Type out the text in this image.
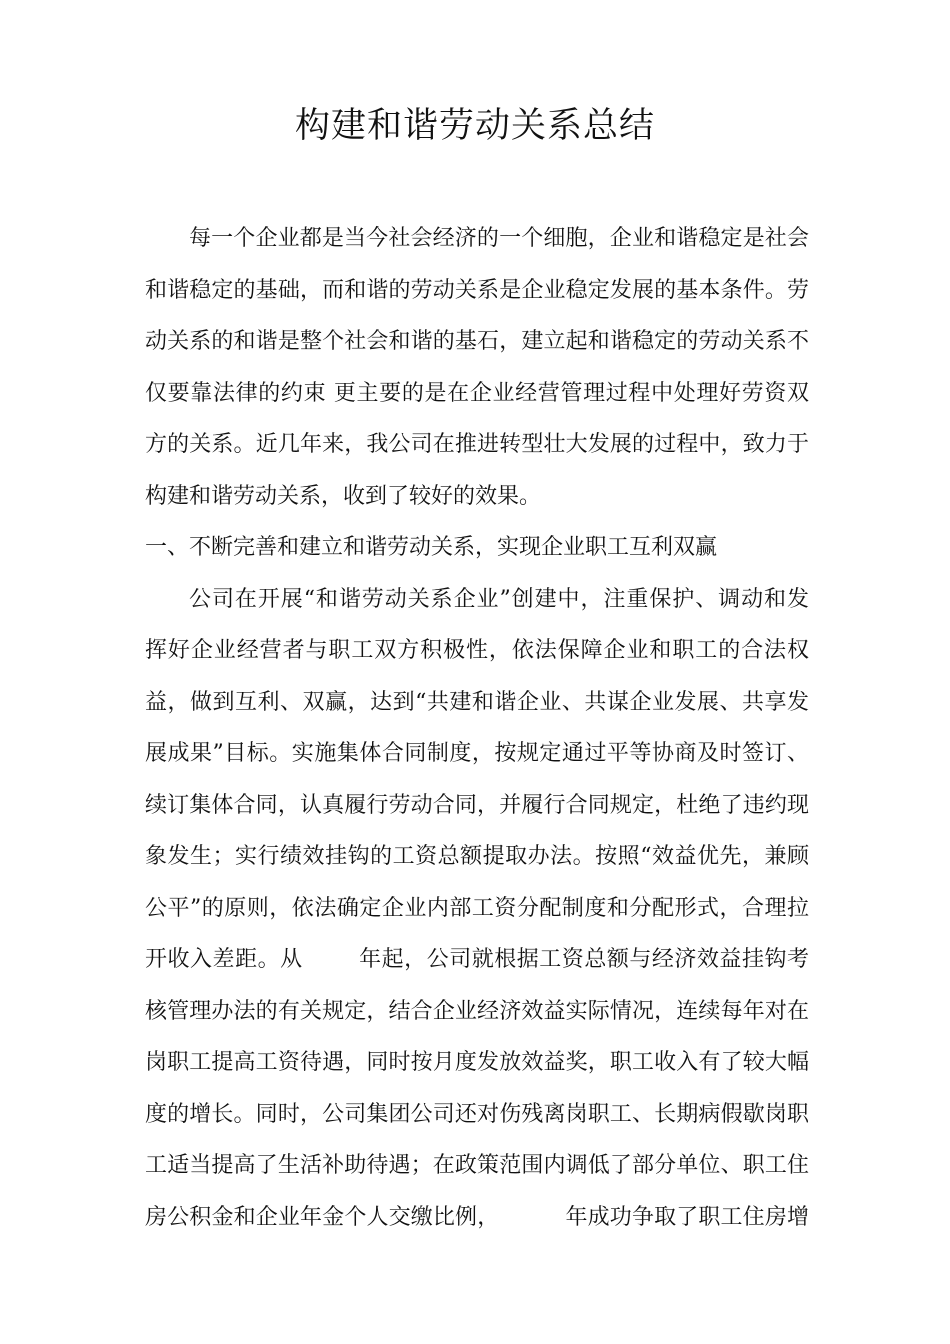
构建和谐劳动关系总结
每一个企业都是当今社会经济的一个细胞，企业和谐稳定是社会
和谐稳定的基础，而和谐的劳动关系是企业稳定发展的基本条件。劳
动关系的和谐是整个社会和谐的基石，建立起和谐稳定的劳动关系不
仅要靠法律的约束 更主要的是在企业经营管理过程中处理好劳资双
方的关系。近几年来，我公司在推进转型壮大发展的过程中，致力于
构建和谐劳动关系，收到了较好的效果。
一、不断完善和建立和谐劳动关系，实现企业职工互利双赢
公司在开展“和谐劳动关系企业”创建中，注重保护、调动和发
挥好企业经营者与职工双方积极性，依法保障企业和职工的合法权
益，做到互利、双赢，达到“共建和谐企业、共谋企业发展、共享发
展成果”目标。实施集体合同制度，按规定通过平等协商及时签订、
续订集体合同，认真履行劳动合同，并履行合同规定，杜绝了违约现
象发生；实行绩效挂钩的工资总额提取办法。按照“效益优先，兼顾
公平”的原则，依法确定企业内部工资分配制度和分配形式，合理拉
开收入差距。从	年起，公司就根据工资总额与经济效益挂钩考
核管理办法的有关规定，结合企业经济效益实际情况，连续每年对在
岗职工提高工资待遇，同时按月度发放效益奖，职工收入有了较大幅
度的增长。同时，公司集团公司还对伤残离岗职工、长期病假歇岗职
工适当提高了生活补助待遇；在政策范围内调低了部分单位、职工住
房公积金和企业年金个人交缴比例，	年成功争取了职工住房增
